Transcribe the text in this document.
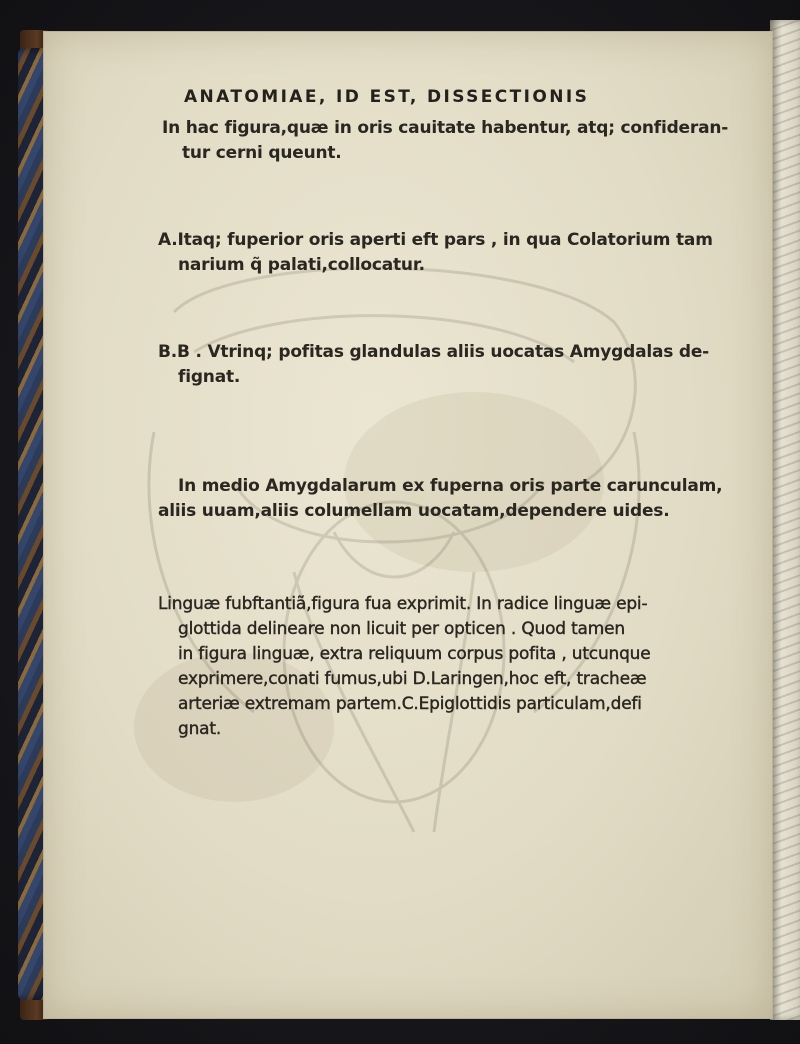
ANATOMIAE, ID EST, DISSECTIONIS
In hac figura,quæ in oris cauitate habentur, atq; confideran-
tur cerni queunt.
A.Itaq; fuperior oris aperti eft pars , in qua Colatorium tam
narium q̃ palati,collocatur.
B.B . Vtrinq; pofitas glandulas aliis uocatas Amygdalas de-
fignat.
In medio Amygdalarum ex fuperna oris parte carunculam,
aliis uuam,aliis columellam uocatam,dependere uides.
Linguæ fubftantiã,figura fua exprimit. In radice linguæ epi-
glottida delineare non licuit per opticen . Quod tamen
in figura linguæ, extra reliquum corpus pofita , utcunque
exprimere,conati fumus,ubi D.Laringen,hoc eft, tracheæ
arteriæ extremam partem.C.Epiglottidis particulam,defi
gnat.
